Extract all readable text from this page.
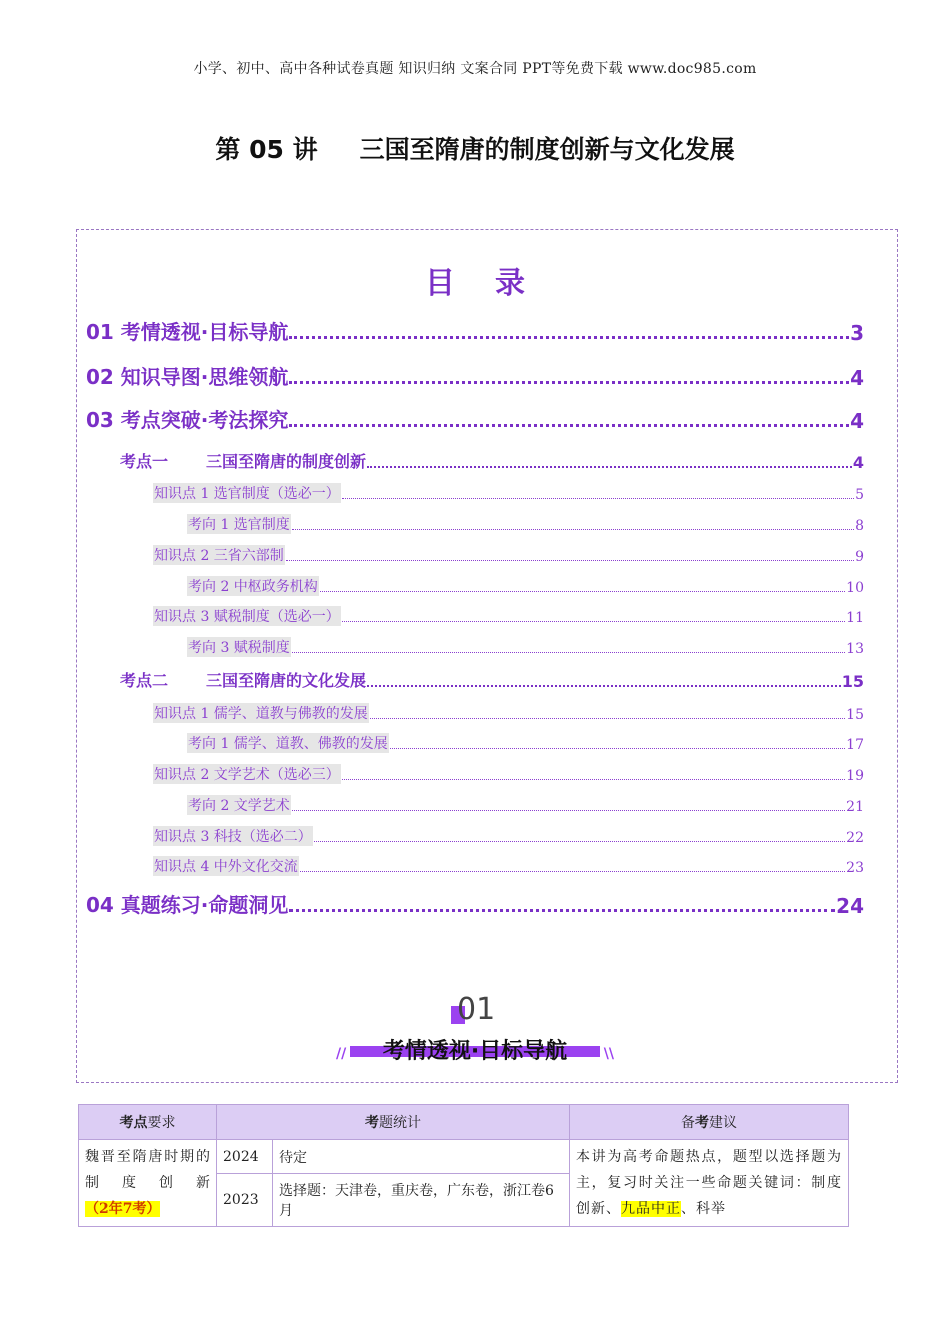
小学、初中、高中各种试卷真题 知识归纳 文案合同 PPT等免费下载 www.doc985.com
第 05 讲 三国至隋唐的制度创新与文化发展
目录
01 考情透视·目标导航	3
02 知识导图·思维领航	4
03 考点突破·考法探究	4
考点一 三国至隋唐的制度创新	4
知识点 1 选官制度（选必一）	5
考向 1 选官制度	8
知识点 2 三省六部制	9
考向 2 中枢政务机构	10
知识点 3 赋税制度（选必一）	11
考向 3 赋税制度	13
考点二 三国至隋唐的文化发展	15
知识点 1 儒学、道教与佛教的发展	15
考向 1 儒学、道教、佛教的发展	17
知识点 2 文学艺术（选必三）	19
考向 2 文学艺术	21
知识点 3 科技（选必二）	22
知识点 4 中外文化交流	23
04 真题练习·命题洞见	24
01
考情透视·目标导航
//	\\
考点要求	考题统计		备考建议
魏晋至隋唐时期的制度创新（2年7考）	2024	待定	本讲为高考命题热点，题型以选择题为主，复习时关注一些命题关键词：制度创新、九品中正、科举
	2023	选择题：天津卷，重庆卷，广东卷，浙江卷6月	
